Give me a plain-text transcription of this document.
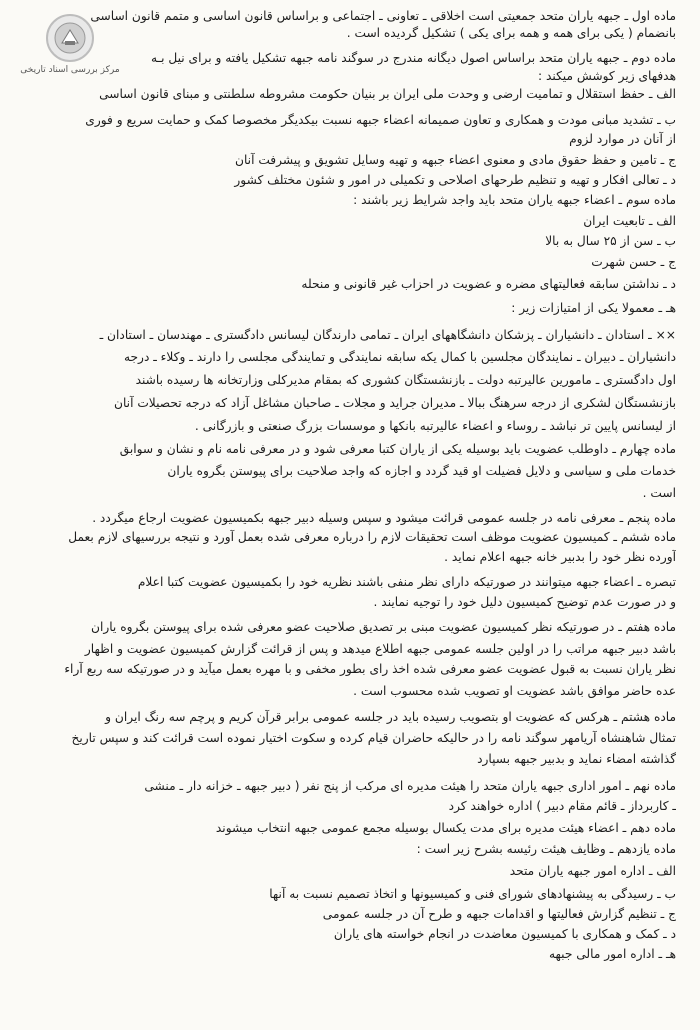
مرکز بررسی اسناد تاریخی
ماده اول ـ جبهه یاران متحد جمعیتی است اخلاقی ـ تعاونی ـ اجتماعی و براساس قانون اساسی و متمم قانون اساسی
بانضمام ( یکی برای همه و همه برای یکی ) تشکیل گردیده است .
ماده دوم ـ جبهه یاران متحد براساس اصول دیگانه مندرج در سوگند نامه جبهه تشکیل یافته و برای نیل بـه
هدفهای زیر کوشش میکند :
الف ـ حفظ استقلال و تمامیت ارضی و وحدت ملی ایران بر بنیان حکومت مشروطه سلطنتی و مبنای قانون اساسی
ب ـ تشدید مبانی مودت و همکاری و تعاون صمیمانه اعضاء جبهه نسبت بیکدیگر مخصوصا کمک و حمایت سریع و فوری
از آنان در موارد لزوم
ج ـ تامین و حفظ حقوق مادی و معنوی اعضاء جبهه و تهیه وسایل تشویق و پیشرفت آنان
د ـ تعالی افکار و تهیه و تنظیم طرحهای اصلاحی و تکمیلی در امور و شئون مختلف کشور
ماده سوم ـ اعضاء جبهه یاران متحد باید واجد شرایط زیر باشند :
الف ـ تابعیت ایران
ب ـ سن از ۲۵ سال به بالا
ج ـ حسن شهرت
د ـ نداشتن سابقه فعالیتهای مضره و عضویت در احزاب غیر قانونی و منحله
هـ ـ معمولا یکی از امتیازات زیر :
×× ـ استادان ـ دانشیاران ـ پزشکان دانشگاههای ایران ـ تمامی دارندگان لیسانس دادگستری ـ مهندسان ـ استادان ـ
دانشیاران ـ دبیران ـ نمایندگان مجلسین با کمال یکه سابقه نمایندگی و تمایندگی مجلسی را دارند ـ وکلاء ـ درجه
اول دادگستری ـ مامورین عالیرتبه دولت ـ بازنشستگان کشوری که بمقام مدیرکلی وزارتخانه ها رسیده باشند
بازنشستگان لشکری از درجه سرهنگ ببالا ـ مدیران جراید و مجلات ـ صاحبان مشاغل آزاد که درجه تحصیلات آنان
از لیسانس پایین تر نباشد ـ روساء و اعضاء عالیرتبه بانکها و موسسات بزرگ صنعتی و بازرگانی .
ماده چهارم ـ داوطلب عضویت باید بوسیله یکی از یاران کتبا معرفی شود و در معرفی نامه نام و نشان و سوابق
خدمات ملی و سیاسی و دلایل فضیلت او قید گردد و اجازه که واجد صلاحیت برای پیوستن بگروه یاران
است .
ماده پنجم ـ معرفی نامه در جلسه عمومی قرائت میشود و سپس وسیله دبیر جبهه بکمیسیون عضویت ارجاع میگردد .
ماده ششم ـ کمیسیون عضویت موظف است تحقیقات لازم را درباره معرفی شده بعمل آورد و نتیجه بررسیهای لازم بعمل
آورده نظر خود را بدبیر خانه جبهه اعلام نماید .
تبصره ـ اعضاء جبهه میتوانند در صورتیکه دارای نظر منفی باشند نظریه خود را بکمیسیون عضویت کتبا اعلام
و در صورت عدم توضیح کمیسیون دلیل خود را توجیه نمایند .
ماده هفتم ـ در صورتیکه نظر کمیسیون عضویت مبنی بر تصدیق صلاحیت عضو معرفی شده برای پیوستن بگروه یاران
باشد دبیر جبهه مراتب را در اولین جلسه عمومی جبهه اطلاع میدهد و پس از قرائت گزارش کمیسیون عضویت و اظهار
نظر یاران نسبت به قبول عضویت عضو معرفی شده اخذ رای بطور مخفی و با مهره بعمل میآید و در صورتیکه سه ربع آراء
عده حاضر موافق باشد عضویت او تصویب شده محسوب است .
ماده هشتم ـ هرکس که عضویت او بتصویب رسیده باید در جلسه عمومی برابر قرآن کریم و پرچم سه رنگ ایران و
تمثال شاهنشاه آریامهر سوگند نامه را در حالیکه حاضران قیام کرده و سکوت اختیار نموده است قرائت کند و سپس تاریخ
گذاشته امضاء نماید و بدبیر جبهه بسپارد
ماده نهم ـ امور اداری جبهه یاران متحد را هیئت مدیره ای مرکب از پنج نفر ( دبیر جبهه ـ خزانه دار ـ منشی
ـ کاربرداز ـ قائم مقام دبیر ) اداره خواهند کرد
ماده دهم ـ اعضاء هیئت مدیره برای مدت یکسال بوسیله مجمع عمومی جبهه انتخاب میشوند
ماده یازدهم ـ وظایف هیئت رئیسه بشرح زیر است :
الف ـ اداره امور جبهه یاران متحد
ب ـ رسیدگی به پیشنهادهای شورای فنی و کمیسیونها و اتخاذ تصمیم نسبت به آنها
ج ـ تنظیم گزارش فعالیتها و اقدامات جبهه و طرح آن در جلسه عمومی
د ـ کمک و همکاری با کمیسیون معاضدت در انجام خواسته های یاران
هـ ـ اداره امور مالی جبهه
